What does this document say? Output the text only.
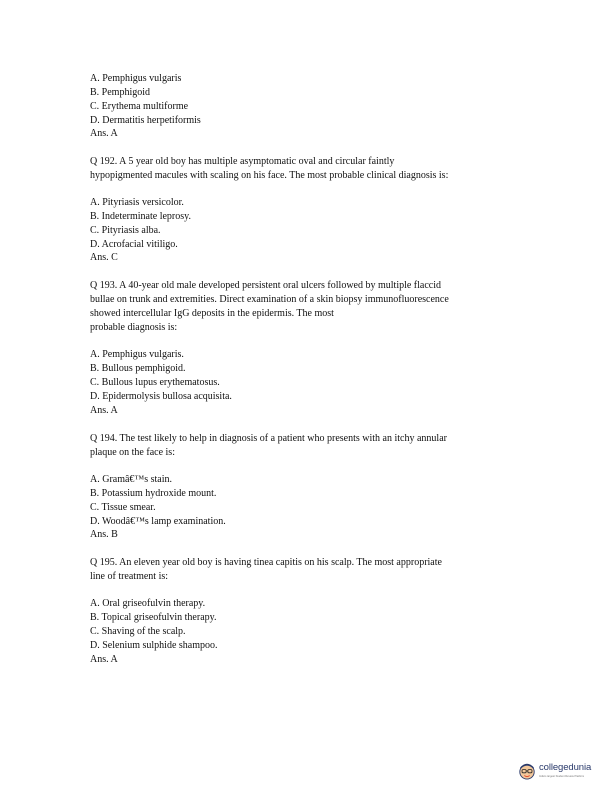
A. Pemphigus vulgaris
B. Pemphigoid
C. Erythema multiforme
D. Dermatitis herpetiformis
Ans. A
Q 192. A 5 year old boy has multiple asymptomatic oval and circular faintly
hypopigmented macules with scaling on his face. The most probable clinical diagnosis is:
A. Pityriasis versicolor.
B. Indeterminate leprosy.
C. Pityriasis alba.
D. Acrofacial vitiligo.
Ans. C
Q 193. A 40-year old male developed persistent oral ulcers followed by multiple flaccid
bullae on trunk and extremities. Direct examination of a skin biopsy immunofluorescence
showed intercellular IgG deposits in the epidermis. The most
probable diagnosis is:
A. Pemphigus vulgaris.
B. Bullous pemphigoid.
C. Bullous lupus erythematosus.
D. Epidermolysis bullosa acquisita.
Ans. A
Q 194. The test likely to help in diagnosis of a patient who presents with an itchy annular
plaque on the face is:
A. Gramâ€™s stain.
B. Potassium hydroxide mount.
C. Tissue smear.
D. Woodâ€™s lamp examination.
Ans. B
Q 195. An eleven year old boy is having tinea capitis on his scalp. The most appropriate
line of treatment is:
A. Oral griseofulvin therapy.
B. Topical griseofulvin therapy.
C. Shaving of the scalp.
D. Selenium sulphide shampoo.
Ans. A
collegedunia
India's largest Student Review Platform
